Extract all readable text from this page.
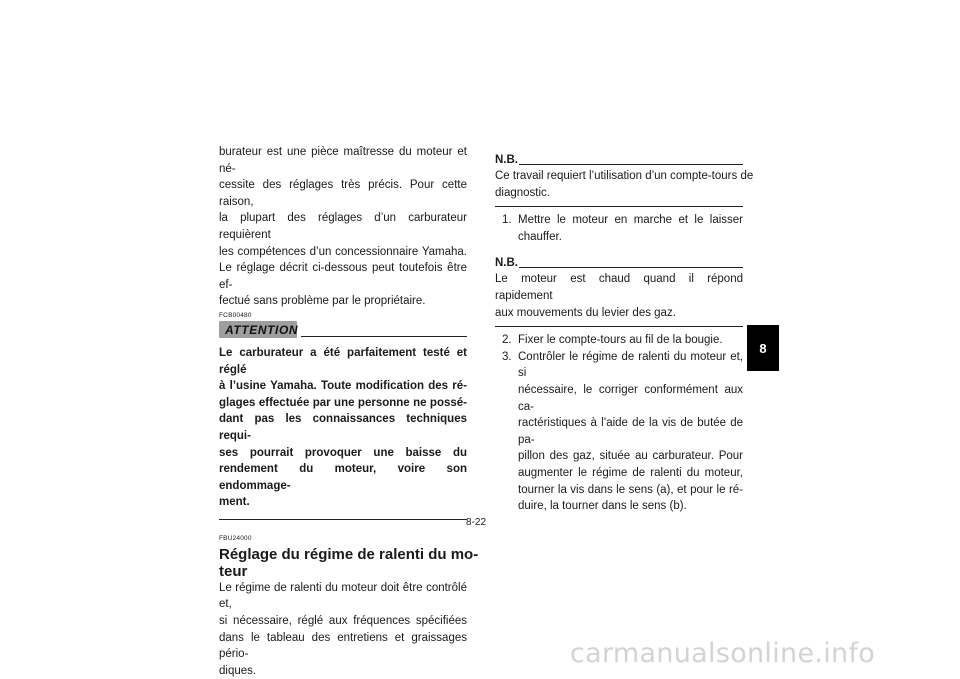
burateur est une pièce maîtresse du moteur et né-
cessite des réglages très précis. Pour cette raison,
la plupart des réglages d’un carburateur requièrent
les compétences d’un concessionnaire Yamaha.
Le réglage décrit ci-dessous peut toutefois être ef-
fectué sans problème par le propriétaire.
FCB00480
ATTENTION
Le carburateur a été parfaitement testé et réglé
à l’usine Yamaha. Toute modification des ré-
glages effectuée par une personne ne possé-
dant pas les connaissances techniques requi-
ses pourrait provoquer une baisse du
rendement du moteur, voire son endommage-
ment.
FBU24000
Réglage du régime de ralenti du mo-
teur
Le régime de ralenti du moteur doit être contrôlé et,
si nécessaire, réglé aux fréquences spécifiées
dans le tableau des entretiens et graissages pério-
diques.
N.B.
Ce travail requiert l’utilisation d’un compte-tours de
diagnostic.
1. Mettre le moteur en marche et le laisser
chauffer.
N.B.
Le moteur est chaud quand il répond rapidement
aux mouvements du levier des gaz.
2. Fixer le compte-tours au fil de la bougie.
3. Contrôler le régime de ralenti du moteur et, si
nécessaire, le corriger conformément aux ca-
ractéristiques à l’aide de la vis de butée de pa-
pillon des gaz, située au carburateur. Pour
augmenter le régime de ralenti du moteur,
tourner la vis dans le sens (a), et pour le ré-
duire, la tourner dans le sens (b).
8
8-22
carmanualsonline.info
